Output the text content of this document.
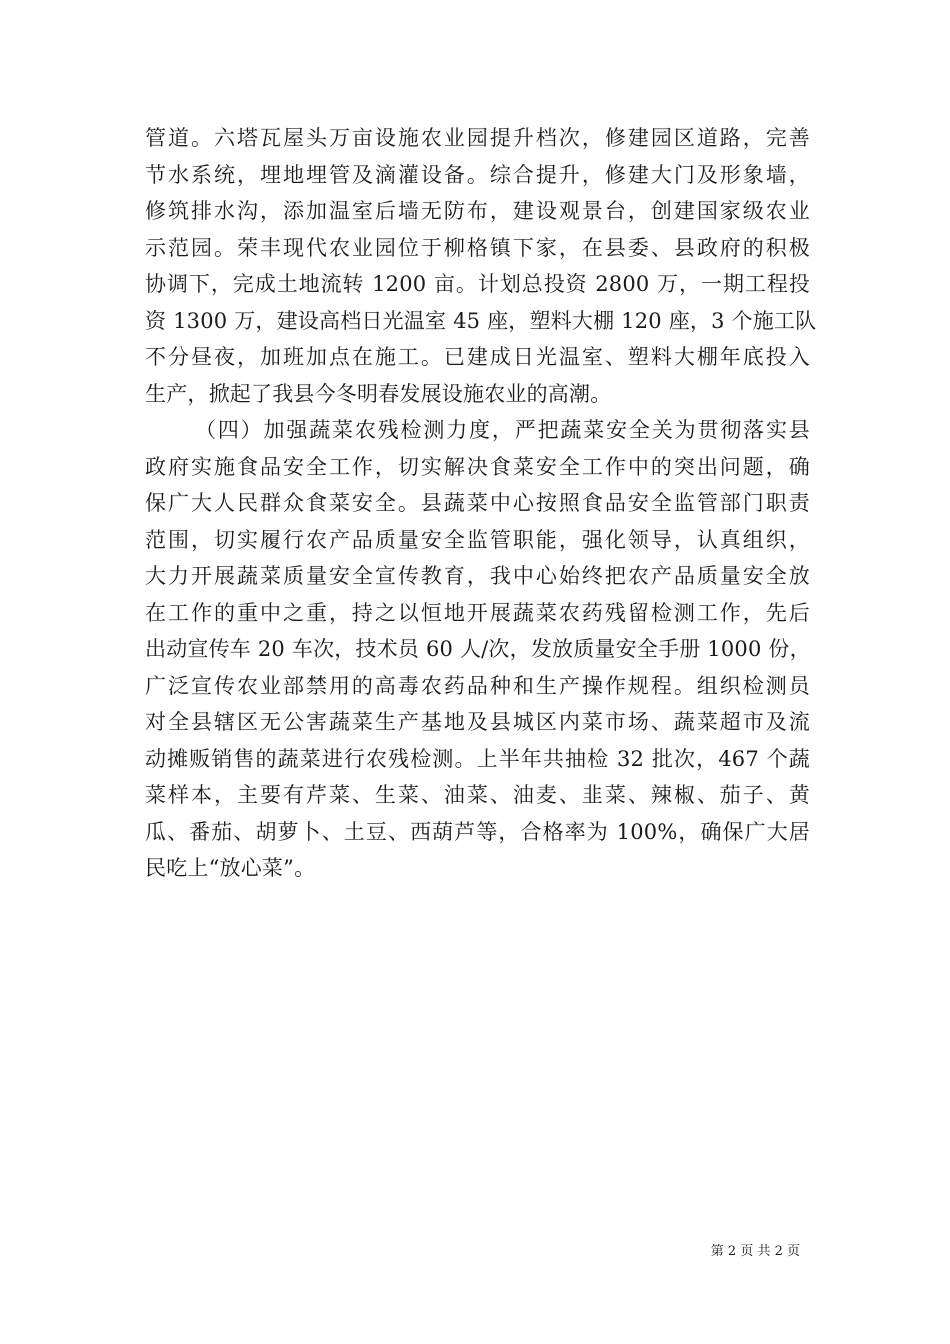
管道。六塔瓦屋头万亩设施农业园提升档次，修建园区道路，完善
节水系统，埋地埋管及滴灌设备。综合提升，修建大门及形象墙，
修筑排水沟，添加温室后墙无防布，建设观景台，创建国家级农业
示范园。荣丰现代农业园位于柳格镇下家，在县委、县政府的积极
协调下，完成土地流转 1200 亩。计划总投资 2800 万，一期工程投
资 1300 万，建设高档日光温室 45 座，塑料大棚 120 座，3 个施工队
不分昼夜，加班加点在施工。已建成日光温室、塑料大棚年底投入
生产，掀起了我县今冬明春发展设施农业的高潮。
（四）加强蔬菜农残检测力度，严把蔬菜安全关为贯彻落实县
政府实施食品安全工作，切实解决食菜安全工作中的突出问题，确
保广大人民群众食菜安全。县蔬菜中心按照食品安全监管部门职责
范围，切实履行农产品质量安全监管职能，强化领导，认真组织，
大力开展蔬菜质量安全宣传教育，我中心始终把农产品质量安全放
在工作的重中之重，持之以恒地开展蔬菜农药残留检测工作，先后
出动宣传车 20 车次，技术员 60 人/次，发放质量安全手册 1000 份，
广泛宣传农业部禁用的高毒农药品种和生产操作规程。组织检测员
对全县辖区无公害蔬菜生产基地及县城区内菜市场、蔬菜超市及流
动摊贩销售的蔬菜进行农残检测。上半年共抽检 32 批次，467 个蔬
菜样本，主要有芹菜、生菜、油菜、油麦、韭菜、辣椒、茄子、黄
瓜、番茄、胡萝卜、土豆、西葫芦等，合格率为 100%，确保广大居
民吃上“放心菜”。
第 2 页 共 2 页
